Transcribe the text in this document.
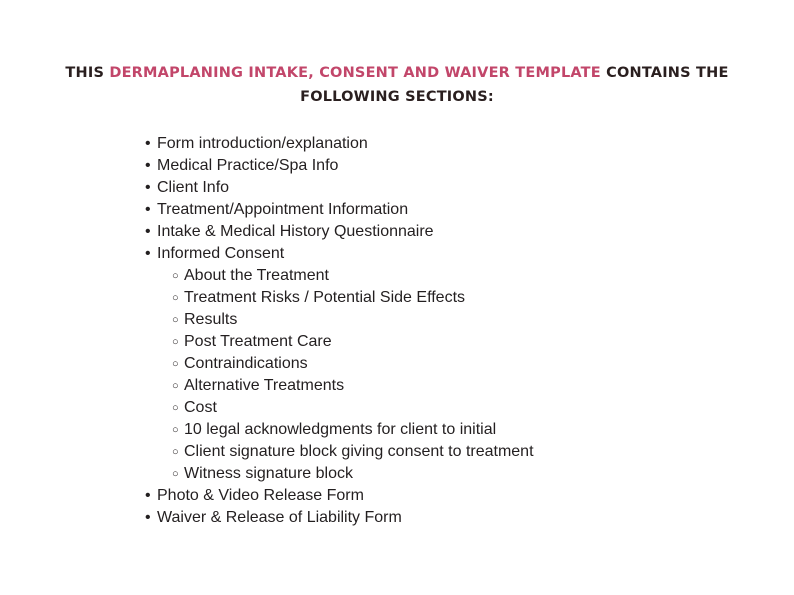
THIS DERMAPLANING INTAKE, CONSENT AND WAIVER TEMPLATE CONTAINS THE
FOLLOWING SECTIONS:
• Form introduction/explanation
• Medical Practice/Spa Info
• Client Info
• Treatment/Appointment Information
• Intake & Medical History Questionnaire
• Informed Consent
○ About the Treatment
○ Treatment Risks / Potential Side Effects
○ Results
○ Post Treatment Care
○ Contraindications
○ Alternative Treatments
○ Cost
○ 10 legal acknowledgments for client to initial
○ Client signature block giving consent to treatment
○ Witness signature block
• Photo & Video Release Form
• Waiver & Release of Liability Form
